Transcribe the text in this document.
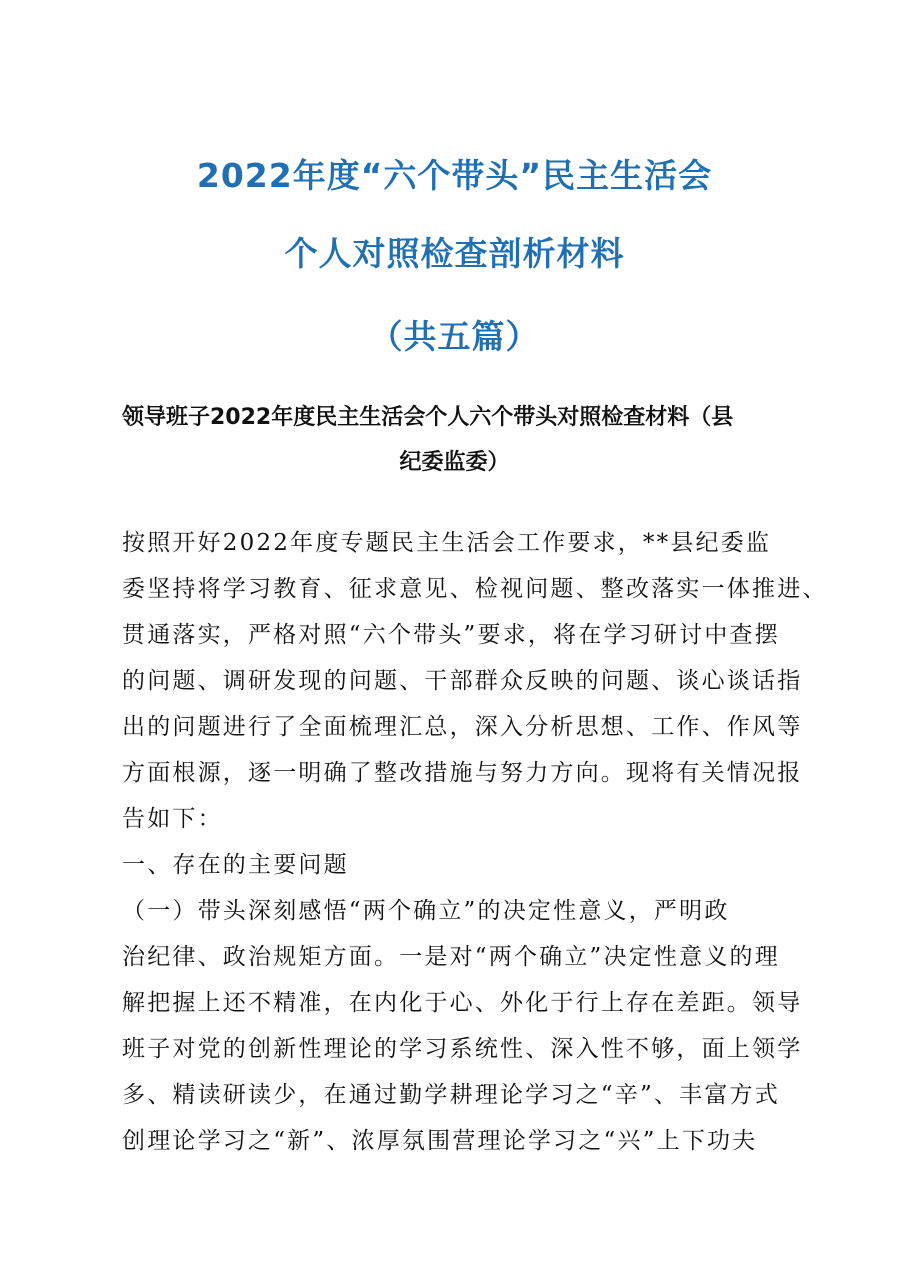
2022年度“六个带头”民主生活会
个人对照检查剖析材料
（共五篇）
领导班子2022年度民主生活会个人六个带头对照检查材料（县
纪委监委）
按照开好2022年度专题民主生活会工作要求，**县纪委监
委坚持将学习教育、征求意见、检视问题、整改落实一体推进、
贯通落实，严格对照“六个带头”要求，将在学习研讨中查摆
的问题、调研发现的问题、干部群众反映的问题、谈心谈话指
出的问题进行了全面梳理汇总，深入分析思想、工作、作风等
方面根源，逐一明确了整改措施与努力方向。现将有关情况报
告如下：
一、存在的主要问题
（一）带头深刻感悟“两个确立”的决定性意义，严明政
治纪律、政治规矩方面。一是对“两个确立”决定性意义的理
解把握上还不精准，在内化于心、外化于行上存在差距。领导
班子对党的创新性理论的学习系统性、深入性不够，面上领学
多、精读研读少，在通过勤学耕理论学习之“辛”、丰富方式
创理论学习之“新”、浓厚氛围营理论学习之“兴”上下功夫
